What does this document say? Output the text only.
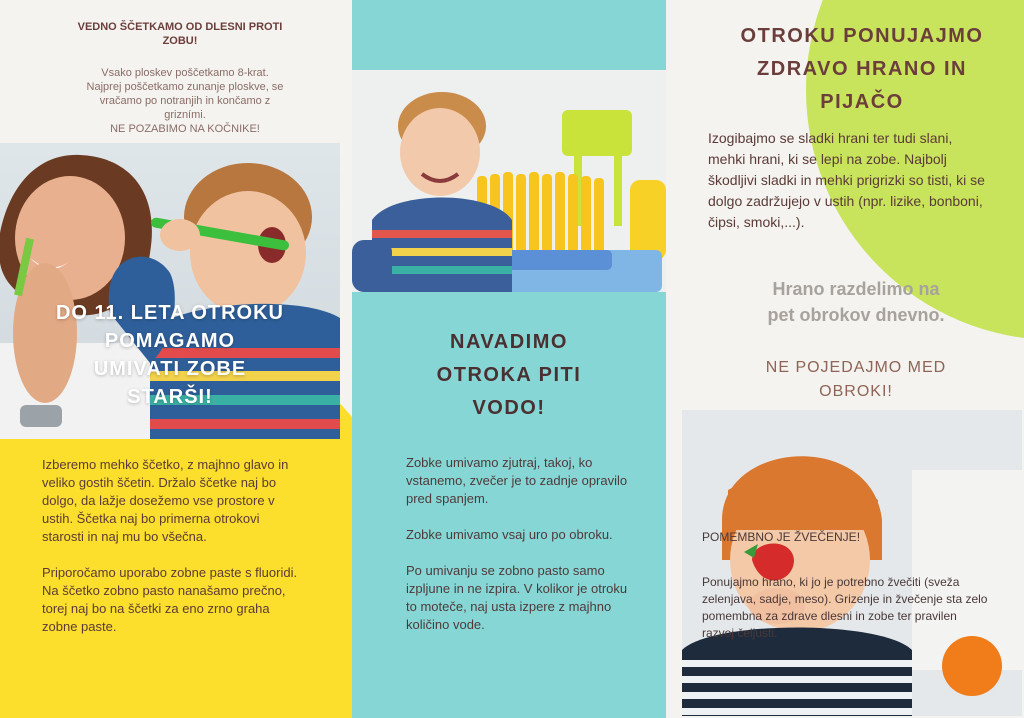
VEDNO ŠČETKAMO OD DLESNI PROTI ZOBU!
Vsako ploskev poščetkamo 8-krat.
Najprej poščetkamo zunanje ploskve, se
vračamo po notranjih in končamo z
grizními.
NE POZABIMO NA KOČNIKE!
DO 11. LETA OTROKU
POMAGAMO
UMIVATI ZOBE
STARŠI!

Izberemo mehko ščetko, z majhno glavo in veliko gostih ščetin. Držalo ščetke naj bo dolgo, da lažje dosežemo vse prostore v ustih. Ščetka naj bo primerna otrokovi starosti in naj mu bo všečna.

Priporočamo uporabo zobne paste s fluoridi. Na ščetko zobno pasto nanašamo prečno, torej naj bo na ščetki za eno zrno graha zobne paste.

NAVADIMO
OTROKA PITI
VODO!

Zobke umivamo zjutraj, takoj, ko vstanemo, zvečer je to zadnje opravilo pred spanjem.

Zobke umivamo vsaj uro po obroku.

Po umivanju se zobno pasto samo izpljune in ne izpira. V kolikor je otroku to moteče, naj usta izpere z majhno količino vode.

OTROKU PONUJAJMO
ZDRAVO HRANO IN
PIJAČO

Izogibajmo se sladki hrani ter tudi slani, mehki hrani, ki se lepi na zobe. Najbolj škodljivi sladki in mehki prigrizki so tisti, ki se dolgo zadržujejo v ustih (npr. lizike, bonboni, čipsi, smoki,...).

Hrano razdelimo na
pet obrokov dnevno.
NE POJEDAJMO MED
OBROKI!
POMEMBNO JE ŽVEČENJE!

Ponujajmo hrano, ki jo je potrebno žvečiti (sveža zelenjava, sadje, meso). Grizenje in žvečenje sta zelo pomembna za zdrave dlesni in zobe ter pravilen razvoj čeljusti.
